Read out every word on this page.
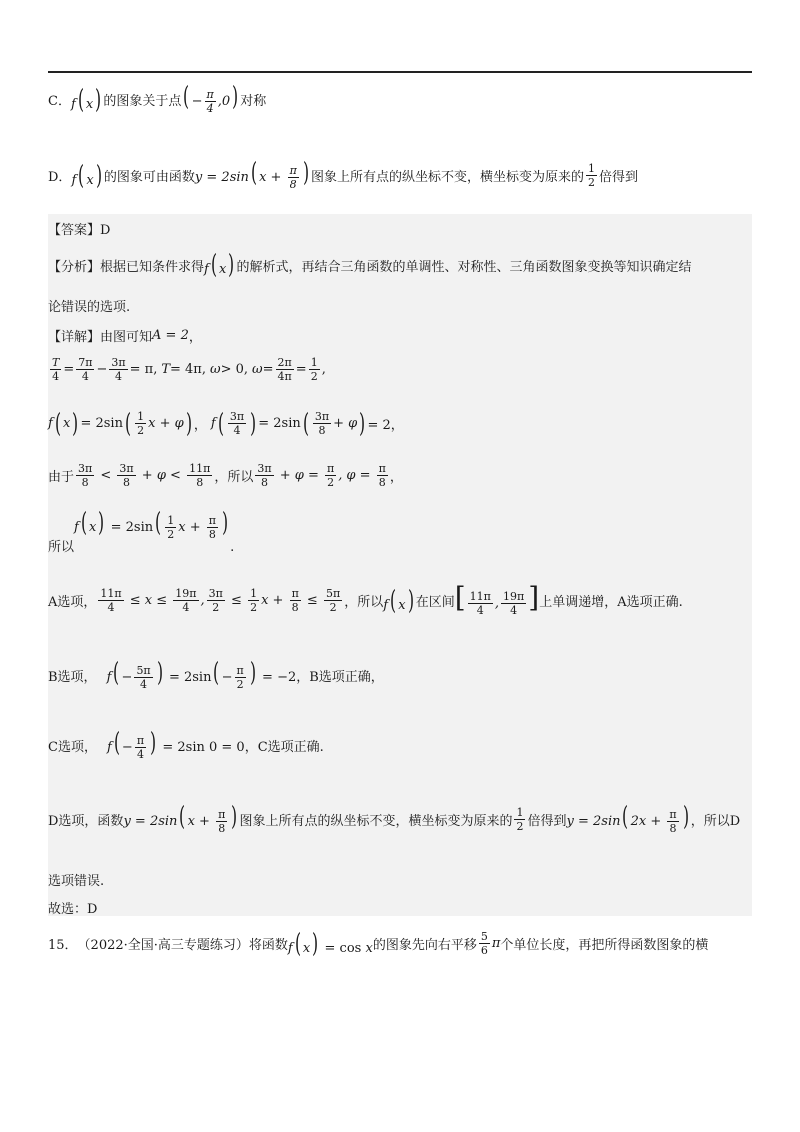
C． f( x) 的图象关于点 ( − $\frac{\pi}{4} ,0$) 对称
D． f( x) 的图象可由函数 y = 2sin( $x + \frac{\pi}{8}$ ) 图象上所有点的纵坐标不变，横坐标变为原来的 $\frac{1}{2}$ 倍得到
【答案】D
【分析】 根据已知条件求得 f( x) 的解析式，再结合三角函数的单调性、对称性、三角函数图象变换等知识确定结
论错误的选项.
【详解】 由图可知 A = 2 ，
$\frac{T}{4} = \frac{7\pi}{4} - \frac{3\pi}{4} = \pi$, T = 4π, ω > 0, $\omega = \frac{2\pi}{4\pi} = \frac{1}{2}$ ,
f ( x ) = 2sin ( $\frac{1}{2}$ x + φ ) ， f ( $\frac{3\pi}{4}$ ) = 2sin ( $\frac{3\pi}{8} + \varphi$ ) = 2，
由于 $\frac{3\pi}{8} < \frac{3\pi}{8} + \varphi < \frac{11\pi}{8}$ ，所以 $\frac{3\pi}{8} + \varphi = \frac{\pi}{2}$ , $\varphi = \frac{\pi}{8}$ ，
所以
f( $x) = 2\sin( \frac{1}{2}$ $x + \frac{\pi}{8}$ )
.
A选项， $\frac{11\pi}{4} \le x \le \frac{19\pi}{4}$ , $\frac{3\pi}{2} \le \frac{1}{2}$ $x + \frac{\pi}{8} \le \frac{5\pi}{2}$ ，所以 f( x) 在区间 [ $\frac{11\pi}{4}$ , $\frac{19\pi}{4}$ ] 上单调递增，A选项正确.
B选项， $f( - \frac{5\pi}{4}$ ) = $2\sin( - \frac{\pi}{2}$ ) = −2 ，B选项正确，
C选项， $f( - \frac{\pi}{4}$ ) = 2sin 0 = 0 ，C选项正确.
D选项，函数 y = 2sin( $x + \frac{\pi}{8}$ ) 图象上所有点的纵坐标不变，横坐标变为原来的 $\frac{1}{2}$ 倍得到 y = 2sin( $2x + \frac{\pi}{8}$ ) ，所以D
选项错误.
故选：D
15． （2022·全国·高三专题练习） 将函数 f( x) = cos x 的图象先向右平移 $\frac{5}{6}$ π 个单位长度，再把所得函数图象的横
